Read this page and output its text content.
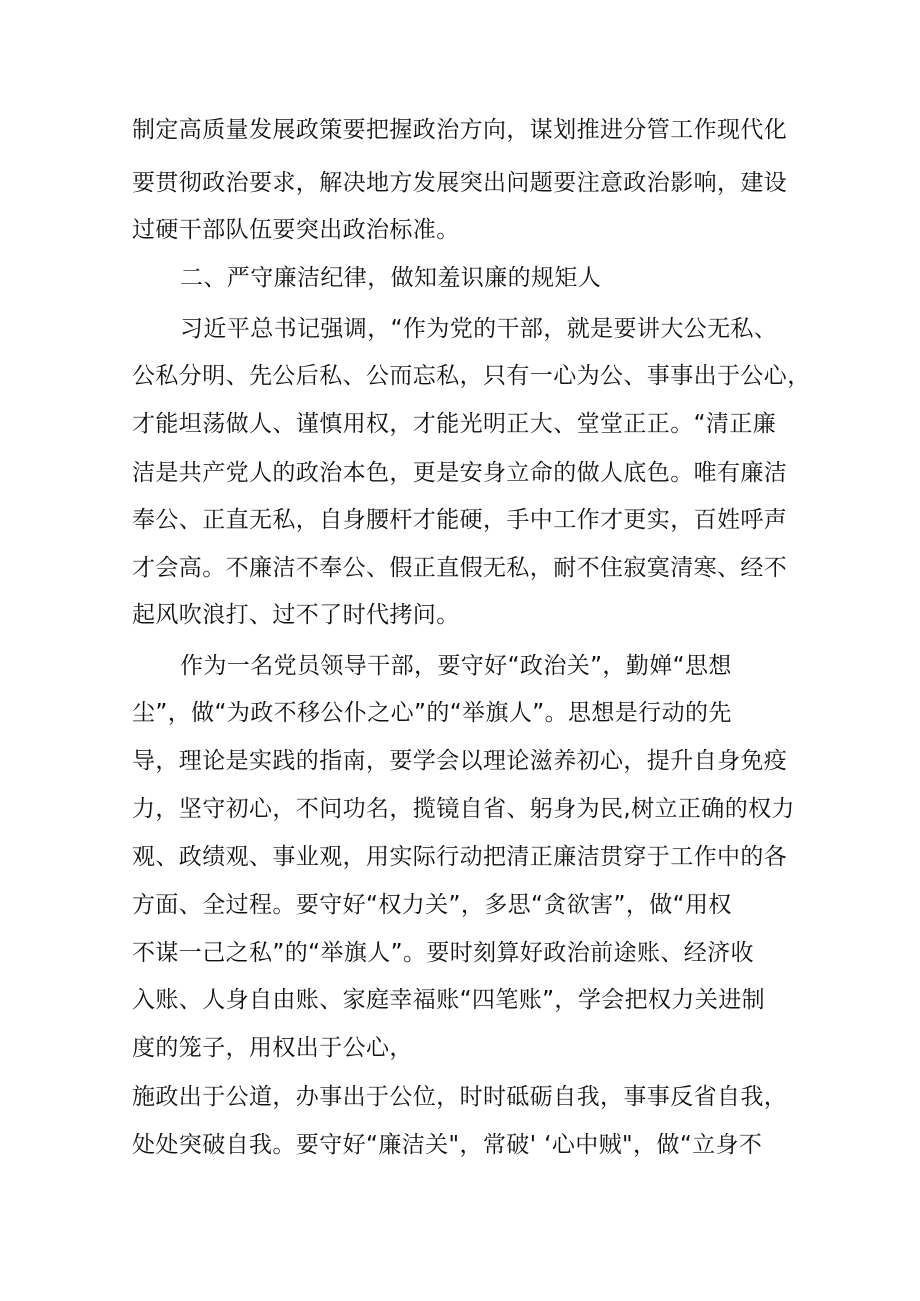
制定高质量发展政策要把握政治方向，谋划推进分管工作现代化
要贯彻政治要求，解决地方发展突出问题要注意政治影响，建设
过硬干部队伍要突出政治标准。
二、严守廉洁纪律，做知羞识廉的规矩人
习近平总书记强调，“作为党的干部，就是要讲大公无私、
公私分明、先公后私、公而忘私，只有一心为公、事事出于公心，
才能坦荡做人、谨慎用权，才能光明正大、堂堂正正。“清正廉
洁是共产党人的政治本色，更是安身立命的做人底色。唯有廉洁
奉公、正直无私，自身腰杆才能硬，手中工作才更实，百姓呼声
才会高。不廉洁不奉公、假正直假无私，耐不住寂寞清寒、经不
起风吹浪打、过不了时代拷问。
作为一名党员领导干部，要守好“政治关”，勤婵“思想
尘”，做“为政不移公仆之心”的“举旗人”。思想是行动的先
导，理论是实践的指南，要学会以理论滋养初心，提升自身免疫
力，坚守初心，不问功名，揽镜自省、躬身为民,树立正确的权力
观、政绩观、事业观，用实际行动把清正廉洁贯穿于工作中的各
方面、全过程。要守好“权力关”，多思“贪欲害”，做“用权
不谋一己之私”的“举旗人”。要时刻算好政治前途账、经济收
入账、人身自由账、家庭幸福账“四笔账”，学会把权力关进制
度的笼子，用权出于公心，
施政出于公道，办事出于公位，时时砥砺自我，事事反省自我，
处处突破自我。要守好“廉洁关"，常破' ‘心中贼"，做“立身不
